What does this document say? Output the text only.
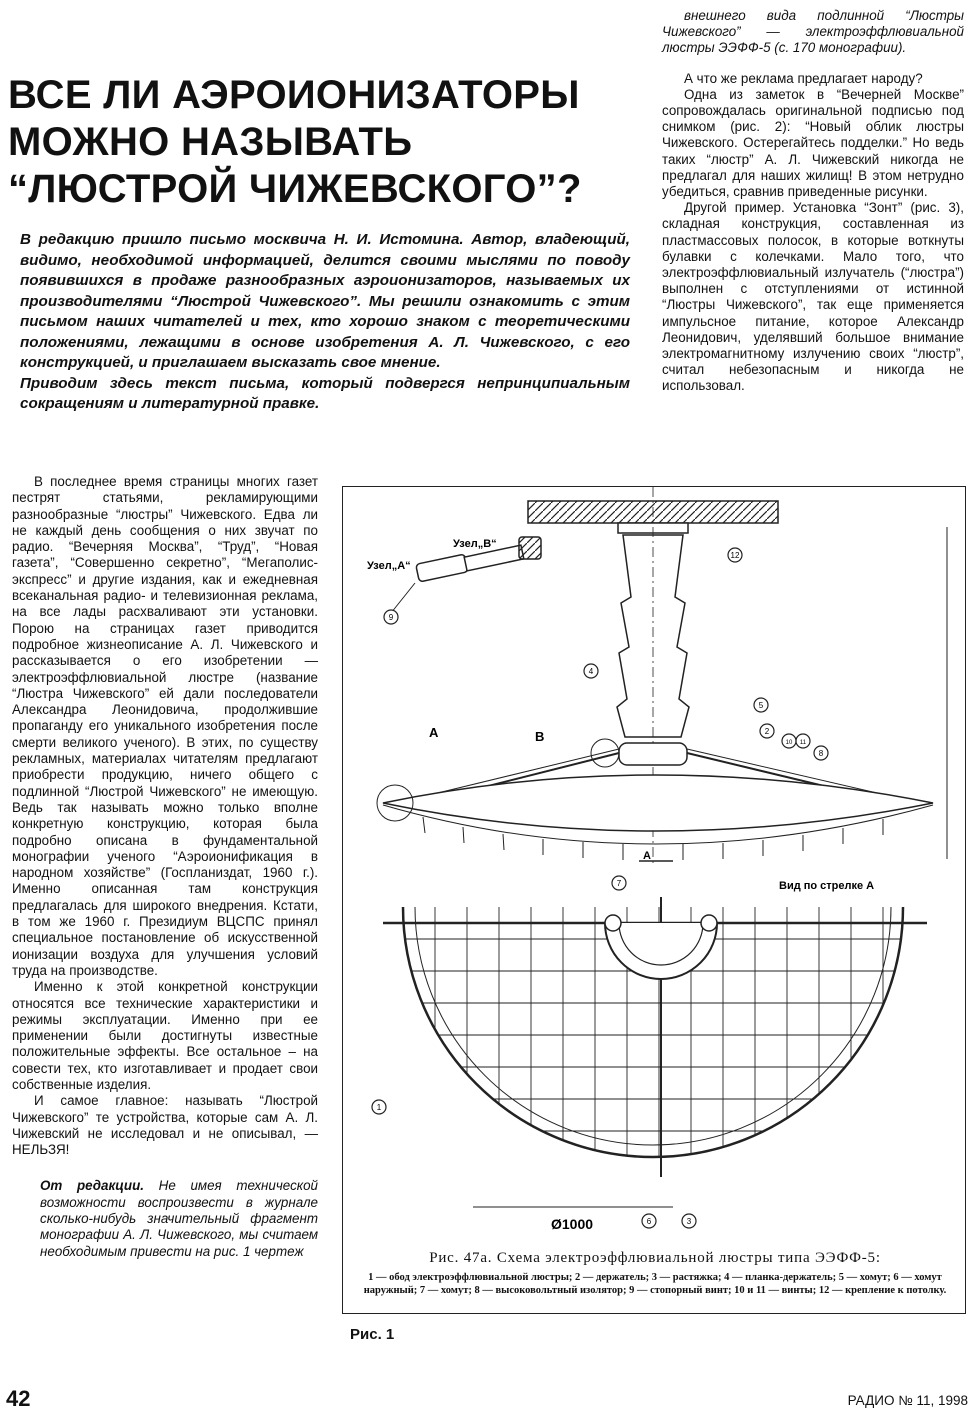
ВСЕ ЛИ АЭРОИОНИЗАТОРЫ
МОЖНО НАЗЫВАТЬ
“ЛЮСТРОЙ ЧИЖЕВСКОГО”?

В редакцию пришло письмо москвича Н. И. Истомина. Автор, владеющий, видимо, необходимой информацией, делится своими мыслями по поводу появившихся в продаже разнообразных аэроионизаторов, называемых их производителями “Люстрой Чижевского”. Мы решили ознакомить с этим письмом наших читателей и тех, кто хорошо знаком с теоретическими положениями, лежащими в основе изобретения А. Л. Чижевского, с его конструкцией, и приглашаем высказать свое мнение.

Приводим здесь текст письма, который подвергся непринципиальным сокращениям и литературной правке.

внешнего вида подлинной “Люстры Чижевского” — электроэффлювиальной люстры ЭЭФФ-5 (с. 170 монографии).

А что же реклама предлагает народу?

Одна из заметок в “Вечерней Москве” сопровождалась оригинальной подписью под снимком (рис. 2): “Новый облик люстры Чижевского. Остерегайтесь подделки.” Но ведь таких “люстр” А. Л. Чижевский никогда не предлагал для наших жилищ! В этом нетрудно убедиться, сравнив приведенные рисунки.

Другой пример. Установка “Зонт” (рис. 3), складная конструкция, составленная из пластмассовых полосок, в которые воткнуты булавки с колечками. Мало того, что электроэффлювиальный излучатель (“люстра”) выполнен с отступлениями от истинной “Люстры Чижевского”, так еще применяется импульсное питание, которое Александр Леонидович, уделявший большое внимание электромагнитному излучению своих “люстр”, считал небезопасным и никогда не использовал.

В последнее время страницы многих газет пестрят статьями, рекламирующими разнообразные “люстры” Чижевского. Едва ли не каждый день сообщения о них звучат по радио. “Вечерняя Москва”, “Труд”, “Новая газета”, “Совершенно секретно”, “Мегаполис-экспресс” и другие издания, как и ежедневная всеканальная радио- и телевизионная реклама, на все лады расхваливают эти установки. Порою на страницах газет приводится подробное жизнеописание А. Л. Чижевского и рассказывается о его изобретении — электроэффлювиальной люстре (название “Люстра Чижевского” ей дали последователи Александра Леонидовича, продолжившие пропаганду его уникального изобретения после смерти великого ученого). В этих, по существу рекламных, материалах читателям предлагают приобрести продукцию, ничего общего с подлинной “Люстрой Чижевского” не имеющую. Ведь так называть можно только вполне конкретную конструкцию, которая была подробно описана в фундаментальной монографии ученого “Аэроионификация в народном хозяйстве” (Госпланиздат, 1960 г.). Именно описанная там конструкция предлагалась для широкого внедрения. Кстати, в том же 1960 г. Президиум ВЦСПС принял специальное постановление об искусственной ионизации воздуха для улучшения условий труда на производстве.

Именно к этой конкретной конструкции относятся все технические характеристики и режимы эксплуатации. Именно при ее применении были достигнуты известные положительные эффекты. Все остальное – на совести тех, кто изготавливает и продает свои собственные изделия.

И самое главное: называть “Люстрой Чижевского” те устройства, которые сам А. Л. Чижевский не исследовал и не описывал, — НЕЛЬЗЯ!

От редакции. Не имея технической возможности воспроизвести в журнале сколько-нибудь значительный фрагмент монографии А. Л. Чижевского, мы считаем необходимым привести на рис. 1 чертеж

12
9
4
5
2
10 11
8
7
1
6	3
Узел„А“
Узел„В“
А	В
А
Вид по стрелке А
Ø1000

Рис. 47а. Схема электроэффлювиальной люстры типа ЭЭФФ-5:

1 — обод электроэффлювиальной люстры; 2 — держатель; 3 — растяжка; 4 — планка-держатель; 5 — хомут; 6 — хомут наружный; 7 — хомут; 8 — высоковольтный изолятор; 9 — стопорный винт; 10 и 11 — винты; 12 — крепление к потолку.

Рис. 1
42	РАДИО № 11, 1998
